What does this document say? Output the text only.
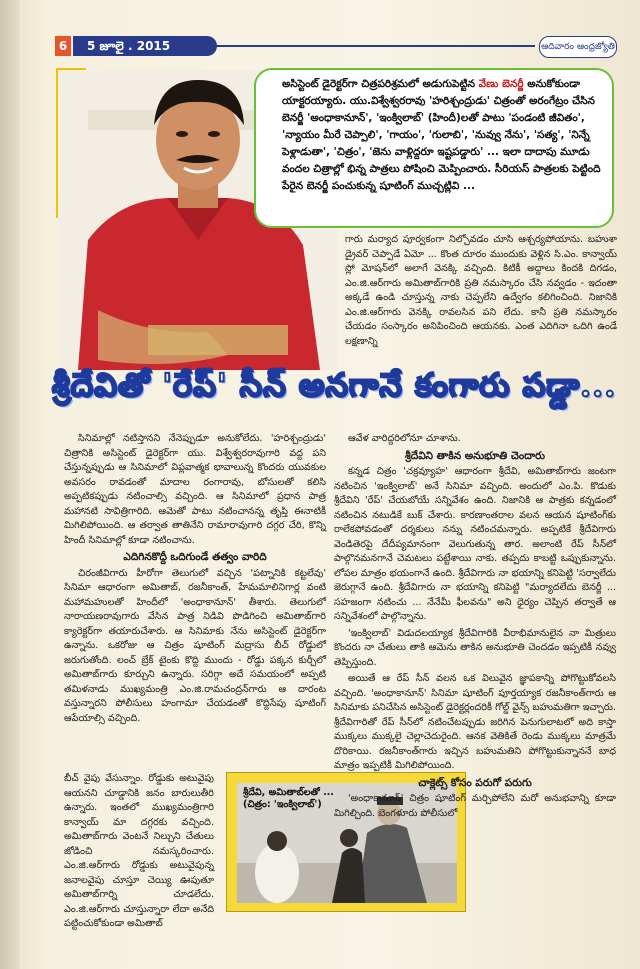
6	5 జూలై . 2015	ఆదివారం ఆంధ్రజ్యోతి
అసిస్టెంట్ డైరెక్టర్‌గా చిత్రపరిశ్రమలో అడుగుపెట్టిన వేణు బెనర్జీ అనుకోకుండా యాక్టరయ్యారు. యు.విశ్వేశ్వరరావు 'హరిశ్చంద్రుడు' చిత్రంతో అరంగేట్రం చేసిన బెనర్జీ 'అంధాకానూన్', 'ఇంక్విలాబ్' (హిందీ)లతో పాటు 'పండంటి జీవితం', 'న్యాయం మీరే చెప్పాలి', 'గాయం', 'గులాబి', 'నువ్వు నేను', 'సత్య', 'నిన్నే పెళ్లాడుతా', 'చిత్రం', 'జెను వాళ్లిద్దరూ ఇష్టపడ్డారు' ... ఇలా దాదాపు మూడు వందల చిత్రాల్లో భిన్న పాత్రలు పోషించి మెప్పించారు. సీరియస్ పాత్రలకు పెట్టింది పేరైన బెనర్జీ పంచుకున్న షూటింగ్ ముచ్చట్లివి ...
గారు మర్యాద పూర్వకంగా నిల్చోవడం చూసి ఆశ్చర్యపోయాను. బహుశా డ్రైవర్ చెప్పాడే ఏమో ... కొంత దూరం ముందుకు వెళ్లిన సి.ఎం. కాన్వాయ్ స్లో మోషన్‌లో అలాగే వెనక్కి వచ్చింది. కిటికీ అద్దాలు కిందకి దిగడం, ఎం.జి.ఆర్‌గారు అమితాబ్‌గారికి ప్రతి నమస్కారం చేసి నవ్వడం - ఇదంతా అక్కడే ఉండి చూస్తున్న నాకు చెప్పలేని ఉద్వేగం కలిగించింది. నిజానికి ఎం.జి.ఆర్‌గారు వెనక్కి రావలసిన పని లేదు. కానీ ప్రతి నమస్కారం చేయడం సంస్కారం అనిపించింది ఆయనకు. ఎంత ఎదిగినా ఒదిగి ఉండే లక్షణాన్ని
శ్రీదేవితో 'రేప్' సీన్ అనగానే కంగారు పడ్డా...

సినిమాల్లో నటిస్తానని నేనెప్పుడూ అనుకోలేదు. 'హరిశ్చంద్రుడు' చిత్రానికి అసిస్టెంట్ డైరెక్టర్‌గా యు. విశ్వేశ్వరరావుగారి వద్ద పని చేస్తున్నప్పుడు ఆ సినిమాలో విప్లవాత్మక భావాలున్న కొందరు యువకుల అవసరం రావడంతో మాదాల రంగారావు, బోసులతో కలిసి అప్పటికప్పుడు నటించాల్సి వచ్చింది. ఆ సినిమాలో ప్రధాన పాత్ర మహానటి సావిత్రిగారిది. ఆమెతో పాటు నటించానన్న తృప్తి ఈనాటికీ మిగిలిపోయింది. ఆ తర్వాత తాతినేని రామారావుగారి దగ్గర చేరి, కొన్ని హిందీ సినిమాల్లో కూడా నటించాను.

ఎదిగినకొద్దీ ఒదిగుండే తత్వం వారిది

చిరంజీవిగారు హీరోగా తెలుగులో వచ్చిన 'పట్నానికి కట్టలేవు' సినిమా ఆధారంగా అమితాబ్, రజనీకాంత్, హేమమాలినిగార్ల వంటి మహామహులతో హిందీలో 'అంధాకానూన్' తీశారు. తెలుగులో నారాయణరావుగారు వేసిన పాత్ర నిడివి పొడిగించి అమితాబ్‌గారి క్యారెక్టర్‌గా తయారుచేశారు. ఆ సినిమాకు నేను అసిస్టెంట్ డైరెక్టర్‌గా ఉన్నాను. ఒకరోజు ఆ చిత్రం షూటింగ్ మద్రాసు బీచ్ రోడ్డులో జరుగుతోంది. లంచ్ బ్రేక్ టైంకు కొద్ది ముందు - రోడ్డు పక్కన కుర్చీలో అమితాబ్‌గారు కూర్చుని ఉన్నారు. సరిగ్గా అదే సమయంలో అప్పటి తమిళనాడు ముఖ్యమంత్రి ఎం.జి.రామచంద్రన్‌గారు ఆ దారంట వస్తున్నారని పోలీసులు హంగామా చేయడంతో కొద్దిసేపు షూటింగ్ ఆపేయాల్సి వచ్చింది.

బీచ్ వైపు వేసున్నాం. రోడ్డుకు అటువైపు ఆయనని చూడ్డానికి జనం బారులుతీరి ఉన్నారు. ఇంతలో ముఖ్యమంత్రిగారి కాన్వాయ్ మా దగ్గరకు వచ్చింది. అమితాబ్‌గారు వెంటనే నిల్చుని చేతులు జోడించి నమస్కరించారు. ఎం.జి.ఆర్‌గారు రోడ్డుకు అటువైపున్న జనాలవైపు చూస్తూ చెయ్యి ఊపుతూ అమితాబ్‌గార్ని చూడలేదు. ఎం.జి.ఆర్‌గారు చూస్తున్నారా లేదా అనేది పట్టించుకోకుండా అమితాబ్
శ్రీదేవి, అమితాబ్‌లతో ...
(చిత్రం: 'ఇంక్విలాబ్')

ఆవేళ వారిద్దరిలోనూ చూశాను.

శ్రీదేవిని తాకిన అనుభూతి చెందారు

కన్నడ చిత్రం 'చక్రవ్యూహ' ఆధారంగా శ్రీదేవి, అమితాబ్‌గారు జంటగా నటించిన 'ఇంక్విలాబ్' అనే సినిమా వచ్చింది. అందులో ఎం.పి. కొడుకు శ్రీదేవిని 'రేప్' చేయబోయే సన్నివేశం ఉంది. నిజానికి ఆ పాత్రకు కన్నడంలో నటించిన నటుడికే బుక్ చేశారు. కారణాంతరాల వలన ఆయన షూటింగ్‌కు రాలేకపోవడంతో దర్శకులు నన్ను నటించమన్నారు. అప్పటికే శ్రీదేవిగారు వెండితెరపై దేదీప్యమానంగా వెలుగుతున్న తార. అలాంటి రేప్ సీన్‌లో పాల్గొనమనగానే చెమటలు పట్టేశాయి నాకు. తప్పదు కాబట్టి ఒప్పుకున్నాను. లోపల మాత్రం భయంగానే ఉంది. శ్రీదేవిగారు నా భయాన్ని కనిపెట్టి 'సర్వాలేదు జెరుగ్గానే ఉంది. శ్రీదేవిగారు నా భయాన్ని కనిపెట్టి "మర్యాదలేదు బెనర్జీ ... సహజంగా నటించు ... నేనేమీ ఫీలవను" అని ధైర్యం చెప్పిన తర్వాతే ఆ సన్నివేశంలో పాల్గొన్నాను.

'ఇంక్విలాబ్' విడుదలయ్యాక శ్రీదేవిగారికి వీరాభిమానులైన నా మిత్రులు కొందరు నా చేతులు తాకి ఆమెను తాకిన అనుభూతి చెందడం ఇప్పటికీ నవ్వు తెప్పిస్తుంది.

అయితే ఆ రేప్ సీన్ వలన ఒక విలువైన జ్ఞాపకాన్ని పోగొట్టుకోవలసి వచ్చింది. 'అంధాకానూన్' సినిమా షూటింగ్ పూర్తయ్యాక రజనీకాంత్‌గారు ఆ సినిమాకు పనిచేసిన అసిస్టెంట్ డైరెక్టర్లందరికీ గోల్డ్ వైన్స్ బహుమతిగా ఇచ్చారు. శ్రీదేవిగారితో రేప్ సీన్‌లో నటించేటప్పుడు జరిగిన పెనుగులాటలో అది కాస్తా ముక్కలు ముక్కలై చెల్లాచెదురైంది. ఆనక వెతికితే రెండు ముక్కలు మాత్రమే దొరికాయి. రజనీకాంత్‌గారు ఇచ్చిన బహుమతిని పోగొట్టుకున్నాననే బాధ మాత్రం ఇప్పటికీ మిగిలిపోయింది.

చాక్లెట్స్ కోసం పరుగో పరుగు

'అంధాకానూన్' చిత్రం షూటింగ్ మర్చిపోలేని మరో అనుభవాన్ని కూడా మిగిల్చింది. బెంగళూరు పోలీసులో
